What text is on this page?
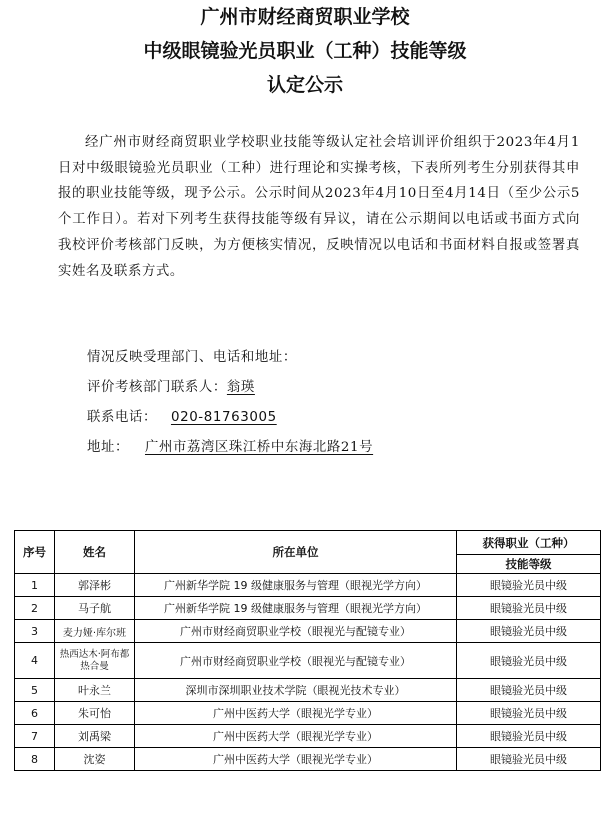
广州市财经商贸职业学校
中级眼镜验光员职业（工种）技能等级
认定公示
经广州市财经商贸职业学校职业技能等级认定社会培训评价组织于2023年4月1日对中级眼镜验光员职业（工种）进行理论和实操考核，下表所列考生分别获得其申报的职业技能等级，现予公示。公示时间从2023年4月10日至4月14日（至少公示5个工作日）。若对下列考生获得技能等级有异议，请在公示期间以电话或书面方式向我校评价考核部门反映，为方便核实情况，反映情况以电话和书面材料自报或签署真实姓名及联系方式。
情况反映受理部门、电话和地址：
评价考核部门联系人：翁瑛
联系电话： 020-81763005
地址： 广州市荔湾区珠江桥中东海北路21号
序号	姓名	所在单位	获得职业（工种）
			技能等级
1	郭泽彬	广州新华学院 19 级健康服务与管理（眼视光学方向）	眼镜验光员中级
2	马子航	广州新华学院 19 级健康服务与管理（眼视光学方向）	眼镜验光员中级
3	麦力娅·库尔班	广州市财经商贸职业学校（眼视光与配镜专业）	眼镜验光员中级
4	热西达木·阿布都热合曼	广州市财经商贸职业学校（眼视光与配镜专业）	眼镜验光员中级
5	叶永兰	深圳市深圳职业技术学院（眼视光技术专业）	眼镜验光员中级
6	朱可怡	广州中医药大学（眼视光学专业）	眼镜验光员中级
7	刘禹梁	广州中医药大学（眼视光学专业）	眼镜验光员中级
8	沈姿	广州中医药大学（眼视光学专业）	眼镜验光员中级
